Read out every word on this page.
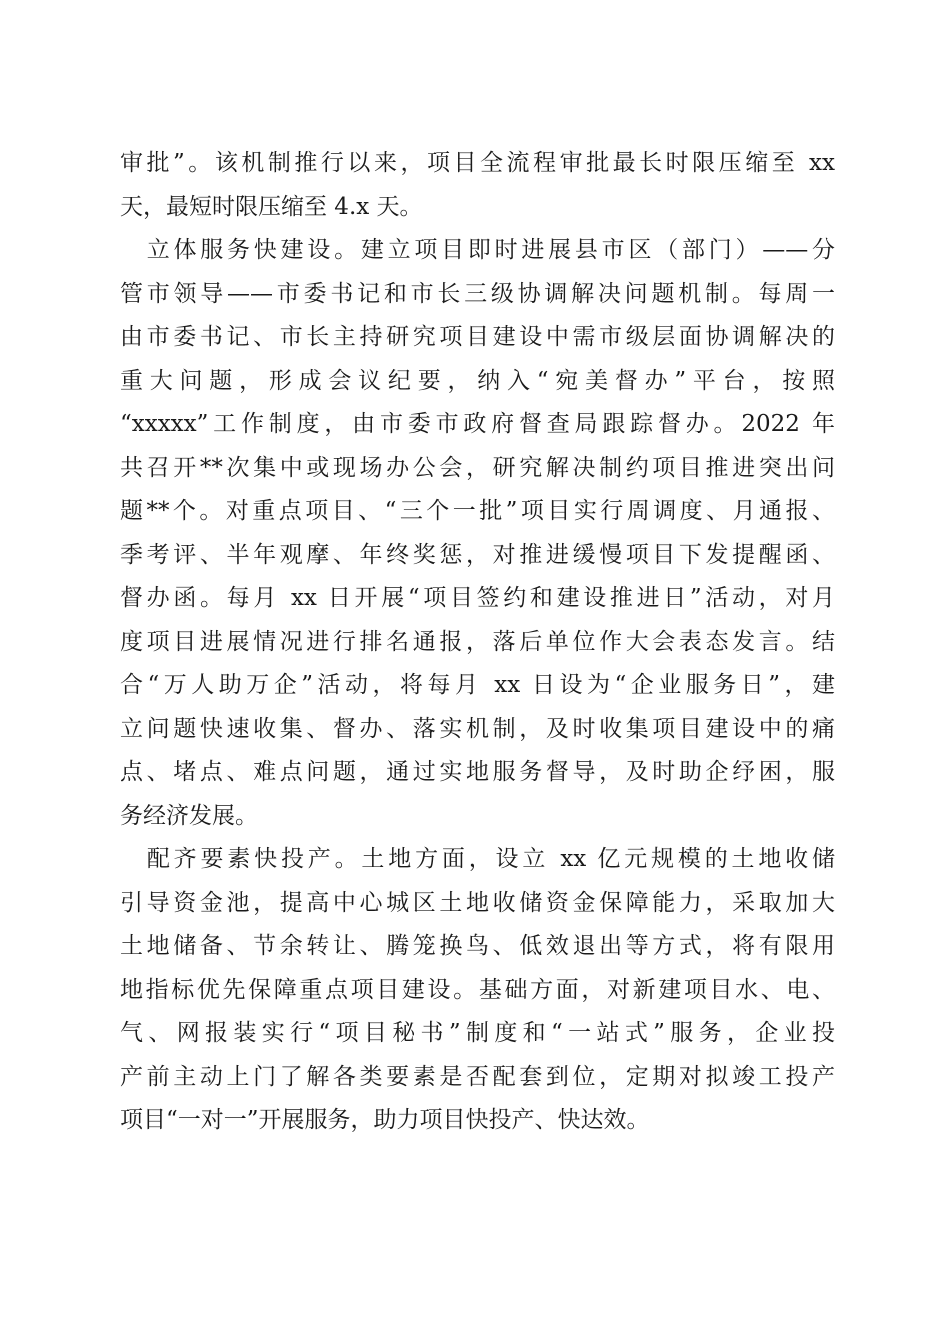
审批”。该机制推行以来，项目全流程审批最长时限压缩至 xx
天，最短时限压缩至 4.x 天。
　立体服务快建设。建立项目即时进展县市区（部门）——分
管市领导——市委书记和市长三级协调解决问题机制。每周一
由市委书记、市长主持研究项目建设中需市级层面协调解决的
重大问题，形成会议纪要，纳入“宛美督办”平台，按照
“xxxxx”工作制度，由市委市政府督查局跟踪督办。2022 年
共召开**次集中或现场办公会，研究解决制约项目推进突出问
题**个。对重点项目、“三个一批”项目实行周调度、月通报、
季考评、半年观摩、年终奖惩，对推进缓慢项目下发提醒函、
督办函。每月 xx 日开展“项目签约和建设推进日”活动，对月
度项目进展情况进行排名通报，落后单位作大会表态发言。结
合“万人助万企”活动，将每月 xx 日设为“企业服务日”，建
立问题快速收集、督办、落实机制，及时收集项目建设中的痛
点、堵点、难点问题，通过实地服务督导，及时助企纾困，服
务经济发展。
　配齐要素快投产。土地方面，设立 xx 亿元规模的土地收储
引导资金池，提高中心城区土地收储资金保障能力，采取加大
土地储备、节余转让、腾笼换鸟、低效退出等方式，将有限用
地指标优先保障重点项目建设。基础方面，对新建项目水、电、
气、网报装实行“项目秘书”制度和“一站式”服务，企业投
产前主动上门了解各类要素是否配套到位，定期对拟竣工投产
项目“一对一”开展服务，助力项目快投产、快达效。
